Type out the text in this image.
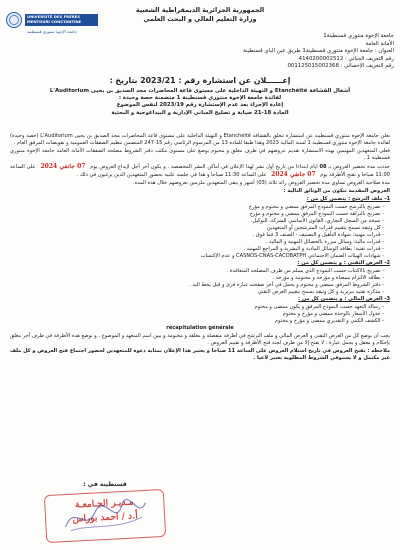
الجمهورية الجزائرية الديمقراطية الشعبية
وزارة التعليم العالي و البحث العلمي
UNIVERSITÉ DES FRÈRES MENTOURI CONSTANTINE
جامعة الإخوة منتوري قسنطينة
جامعة الإخوة منتوري قسنطينة1
الأمانة العامة
العنوان : جامعة الإخوة منتوري قسنطينة1 طريق عين الباي قسنطينة
رقم التعريف الجبائي : 4140200002512
رقم التعريف الإحصائي : 001125015002368
إعــــــلان عن استشارة رقم : 2023/21 بتاريخ :
أشغال القشافة Etanchéité و التهيئة الداخلية على مستوى قاعة المحاضرات مجد الصديق بن يحيى L'Auditorium
لفائدة جامعة الإخوة منتوري قسنطينة 1 متضمنة حصة وحيدة :
إعادة الإجراء بعد عدم الإستشارة رقم 2023/19 لنفس الموضوع
المادة 18-21 صيانة و تصليح المباني الإدارية و البيداغوجية و البحثية

تعلن جامعة الإخوة منتوري قسنطينة عن استشارة تتعلق بالقشافة Etanchéité و التهيئة الداخلية على مستوى قاعة المحاضرات مجد الصديق بن يحيى L'Auditorium (حصة وحيدة) لفائدة جامعة الإخوة منتوري قسنطينة 1 لسنة المالية 2023 وهذا طبقا للمادة 13 من المرسوم الرئاسي رقم 15-247 المتضمن تنظيم الصفقات العمومية و تفويضات المرفق العام .

فعلى المتعهدين المهتمين بهذه الاستشارة تقديم عروضهم في ظرف مغلق و مختوم يوضع على مستوى مكتب دفتر الشروط مصلحة الصفقات الأمانة العامة جامعة الإخوة منتوري قسنطينة 1 .

حددت مدة تحضير العروض بـ 08 ايام ابتداءا من تاريخ أول نشر لهذا الإعلان في أماكن النشر المخصصة . و يكون آخر أجل لإيداع العروض يوم 07 جانفي 2024 على الساعة 11:00 صباحا و تفتح الأظرفة يوم 07 جانفي 2024 على الساعة 11:30 صباحا و هذا في جلسة علنية بحضور المتعهدين الذين يرغبون في ذلك .

مدة صلاحية العروض تساوي مدة تحضير العروض زائد ثلاثة (03) أشهر و يبقى المتعهدين ملزمين بعروضهم خلال هذه المدة.

العروض المقدمة تتكون من الوثائق التالية :

1- ملف الترشح : يتضمن كل من :

- تصريح بالترشح حسب النموذج المرفق ممضي و مختوم و مؤرخ
- تصريح بالنزاهة حسب النموذج المرفق ممضي و مختوم و مؤرخ
- نسخة من السجل التجاري، القانون الأساسي للشركة، التوكيل.
- كل وثيقة تسمح بتقييم قدرات المترشحين أو المتعهدين
- قدرات مهنية: شهادة التأهيل و التصنيف - الصنف 3 فما فوق .
- قدرات مالية: وسائل مبررة بالحصائل المهنية و المالية .
- قدرات تقنية: بطاقة الوسائل المادية و البشرية و المراجع المهنية .
- شهادات الهيئات الضمان الاجتماعي CASNOS-CNAS-CACOBATPH و عدم الإكتساب

2- العرض التقني : و يتضمن كل من :

- تصريح بالاكتتاب حسب النموذج الذي يسلم من طرف المصلحة المتعاقدة .
- بطاقة الالتزام ممضاة و مؤرخة و مختومة و مؤرخة .
- دفتر الشروط المرفق ممضي و مختوم و يحمل في آخر صفحته عبارة قرئ و قبل بخط اليد .
- مذكرة تقنية تبريرية و كل وثيقة تسمح بتقييم العرض التقني

3- العرض المالي : و يتضمن كل من :

- رسالة التعهد حسب النموذج المرفق و يكون ممضى و مختوم
- جدول الأسعار بالوحدة ممضى و مؤرخ و مختوم
- الكشف الكمي و التقديري ممضى و مؤرخ و مختوم

récapitulation générale

يجب أن يوضع كل من العرض التقني و العرض المالي و ملف الترشح في أظرفة منفصلة و مغلقة و مختومة و يبين اسم المتعهد و الموضوع ، و توضع هذه الأظرفة في ظرف آخر مغلق بإحكام و مغفل و يحمل عبارة : لا يفتح إلا من طرف لجنة فتح الأظرفة و تقييم العروض .

ملاحظة : تفتح العروض في تاريخ استلام العروض على الساعة 11 صباحا و يعتبر هذا الإعلان بمثابة دعوة للمتعهدين لحضور اجتماع فتح العروض و كل ملف غير مكتمل و لا يستوفي الشروط المطلوبة يعتبر لاغيا .

قسنطينة في :
مـديـر الجـامعـة
أ.د / احمد بوراس
